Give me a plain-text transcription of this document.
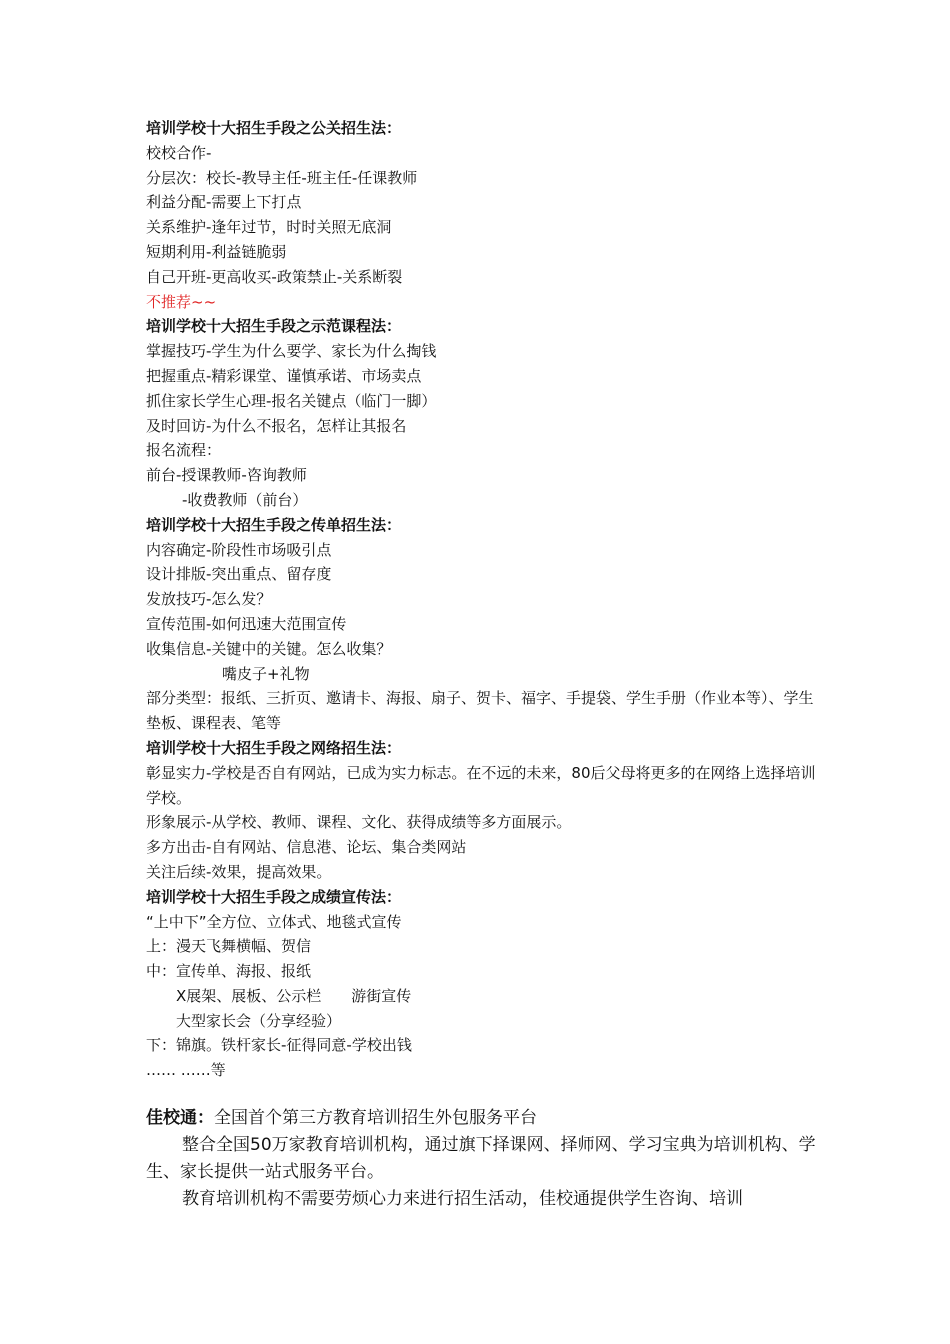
培训学校十大招生手段之公关招生法：
校校合作-
分层次：校长-教导主任-班主任-任课教师
利益分配-需要上下打点
关系维护-逢年过节，时时关照无底洞
短期利用-利益链脆弱
自己开班-更高收买-政策禁止-关系断裂
不推荐~~
培训学校十大招生手段之示范课程法：
掌握技巧-学生为什么要学、家长为什么掏钱
把握重点-精彩课堂、谨慎承诺、市场卖点
抓住家长学生心理-报名关键点（临门一脚）
及时回访-为什么不报名，怎样让其报名
报名流程：
前台-授课教师-咨询教师
-收费教师（前台）
培训学校十大招生手段之传单招生法：
内容确定-阶段性市场吸引点
设计排版-突出重点、留存度
发放技巧-怎么发？
宣传范围-如何迅速大范围宣传
收集信息-关键中的关键。怎么收集？
嘴皮子+礼物
部分类型：报纸、三折页、邀请卡、海报、扇子、贺卡、福字、手提袋、学生手册（作业本等）、学生垫板、课程表、笔等
培训学校十大招生手段之网络招生法：
彰显实力-学校是否自有网站，已成为实力标志。在不远的未来，80后父母将更多的在网络上选择培训学校。
形象展示-从学校、教师、课程、文化、获得成绩等多方面展示。
多方出击-自有网站、信息港、论坛、集合类网站
关注后续-效果，提高效果。
培训学校十大招生手段之成绩宣传法：
“上中下”全方位、立体式、地毯式宣传
上：漫天飞舞横幅、贺信
中：宣传单、海报、报纸
X展架、展板、公示栏　　游街宣传
大型家长会（分享经验）
下：锦旗。铁杆家长-征得同意-学校出钱
…… ……等
佳校通：全国首个第三方教育培训招生外包服务平台
整合全国50万家教育培训机构，通过旗下择课网、择师网、学习宝典为培训机构、学生、家长提供一站式服务平台。
教育培训机构不需要劳烦心力来进行招生活动，佳校通提供学生咨询、培训
